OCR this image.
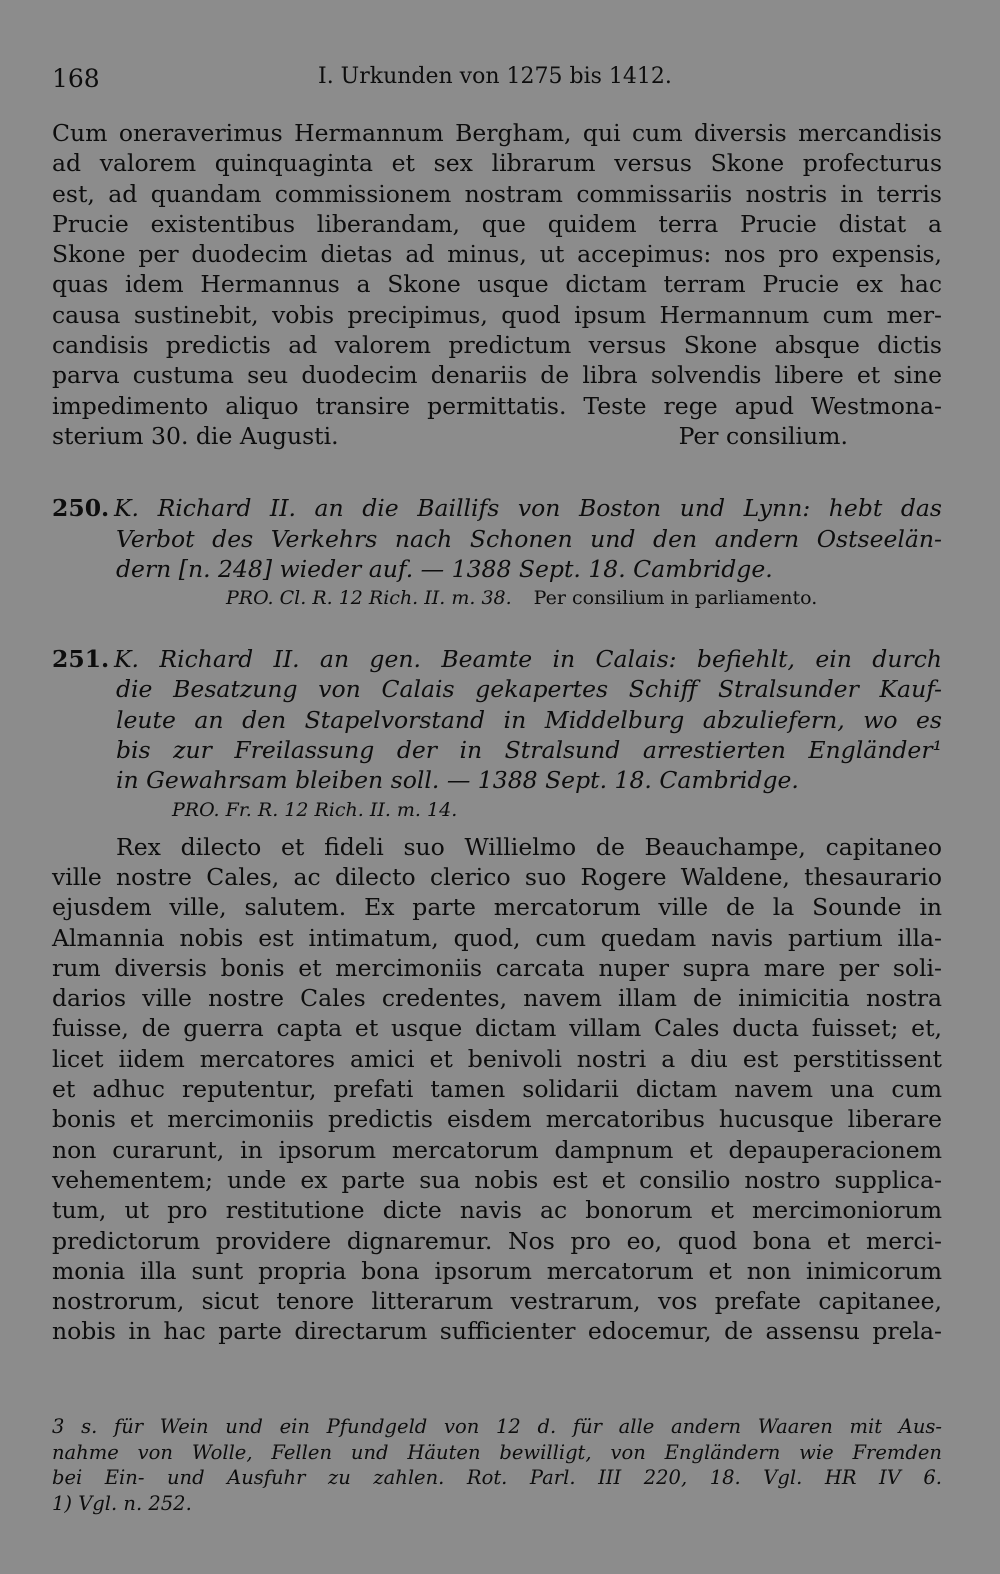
168	I. Urkunden von 1275 bis 1412.
Cum oneraverimus Hermannum Bergham, qui cum diversis mercandisis
ad valorem quinquaginta et sex librarum versus Skone profecturus
est, ad quandam commissionem nostram commissariis nostris in terris
Prucie existentibus liberandam, que quidem terra Prucie distat a
Skone per duodecim dietas ad minus, ut accepimus: nos pro expensis,
quas idem Hermannus a Skone usque dictam terram Prucie ex hac
causa sustinebit, vobis precipimus, quod ipsum Hermannum cum mer-
candisis predictis ad valorem predictum versus Skone absque dictis
parva custuma seu duodecim denariis de libra solvendis libere et sine
impedimento aliquo transire permittatis. Teste rege apud Westmona-
sterium 30. die Augusti.	Per consilium.
250. K. Richard II. an die Baillifs von Boston und Lynn: hebt das
Verbot des Verkehrs nach Schonen und den andern Ostseelän-
dern [n. 248] wieder auf. — 1388 Sept. 18. Cambridge.
PRO. Cl. R. 12 Rich. II. m. 38. Per consilium in parliamento.
251. K. Richard II. an gen. Beamte in Calais: befiehlt, ein durch
die Besatzung von Calais gekapertes Schiff Stralsunder Kauf-
leute an den Stapelvorstand in Middelburg abzuliefern, wo es
bis zur Freilassung der in Stralsund arrestierten Engländer¹
in Gewahrsam bleiben soll. — 1388 Sept. 18. Cambridge.
PRO. Fr. R. 12 Rich. II. m. 14.
Rex dilecto et fideli suo Willielmo de Beauchampe, capitaneo
ville nostre Cales, ac dilecto clerico suo Rogere Waldene, thesaurario
ejusdem ville, salutem. Ex parte mercatorum ville de la Sounde in
Almannia nobis est intimatum, quod, cum quedam navis partium illa-
rum diversis bonis et mercimoniis carcata nuper supra mare per soli-
darios ville nostre Cales credentes, navem illam de inimicitia nostra
fuisse, de guerra capta et usque dictam villam Cales ducta fuisset; et,
licet iidem mercatores amici et benivoli nostri a diu est perstitissent
et adhuc reputentur, prefati tamen solidarii dictam navem una cum
bonis et mercimoniis predictis eisdem mercatoribus hucusque liberare
non curarunt, in ipsorum mercatorum dampnum et depauperacionem
vehementem; unde ex parte sua nobis est et consilio nostro supplica-
tum, ut pro restitutione dicte navis ac bonorum et mercimoniorum
predictorum providere dignaremur. Nos pro eo, quod bona et merci-
monia illa sunt propria bona ipsorum mercatorum et non inimicorum
nostrorum, sicut tenore litterarum vestrarum, vos prefate capitanee,
nobis in hac parte directarum sufficienter edocemur, de assensu prela-
3 s. für Wein und ein Pfundgeld von 12 d. für alle andern Waaren mit Aus-
nahme von Wolle, Fellen und Häuten bewilligt, von Engländern wie Fremden
bei Ein- und Ausfuhr zu zahlen. Rot. Parl. III 220, 18. Vgl. HR IV 6.
1) Vgl. n. 252.
